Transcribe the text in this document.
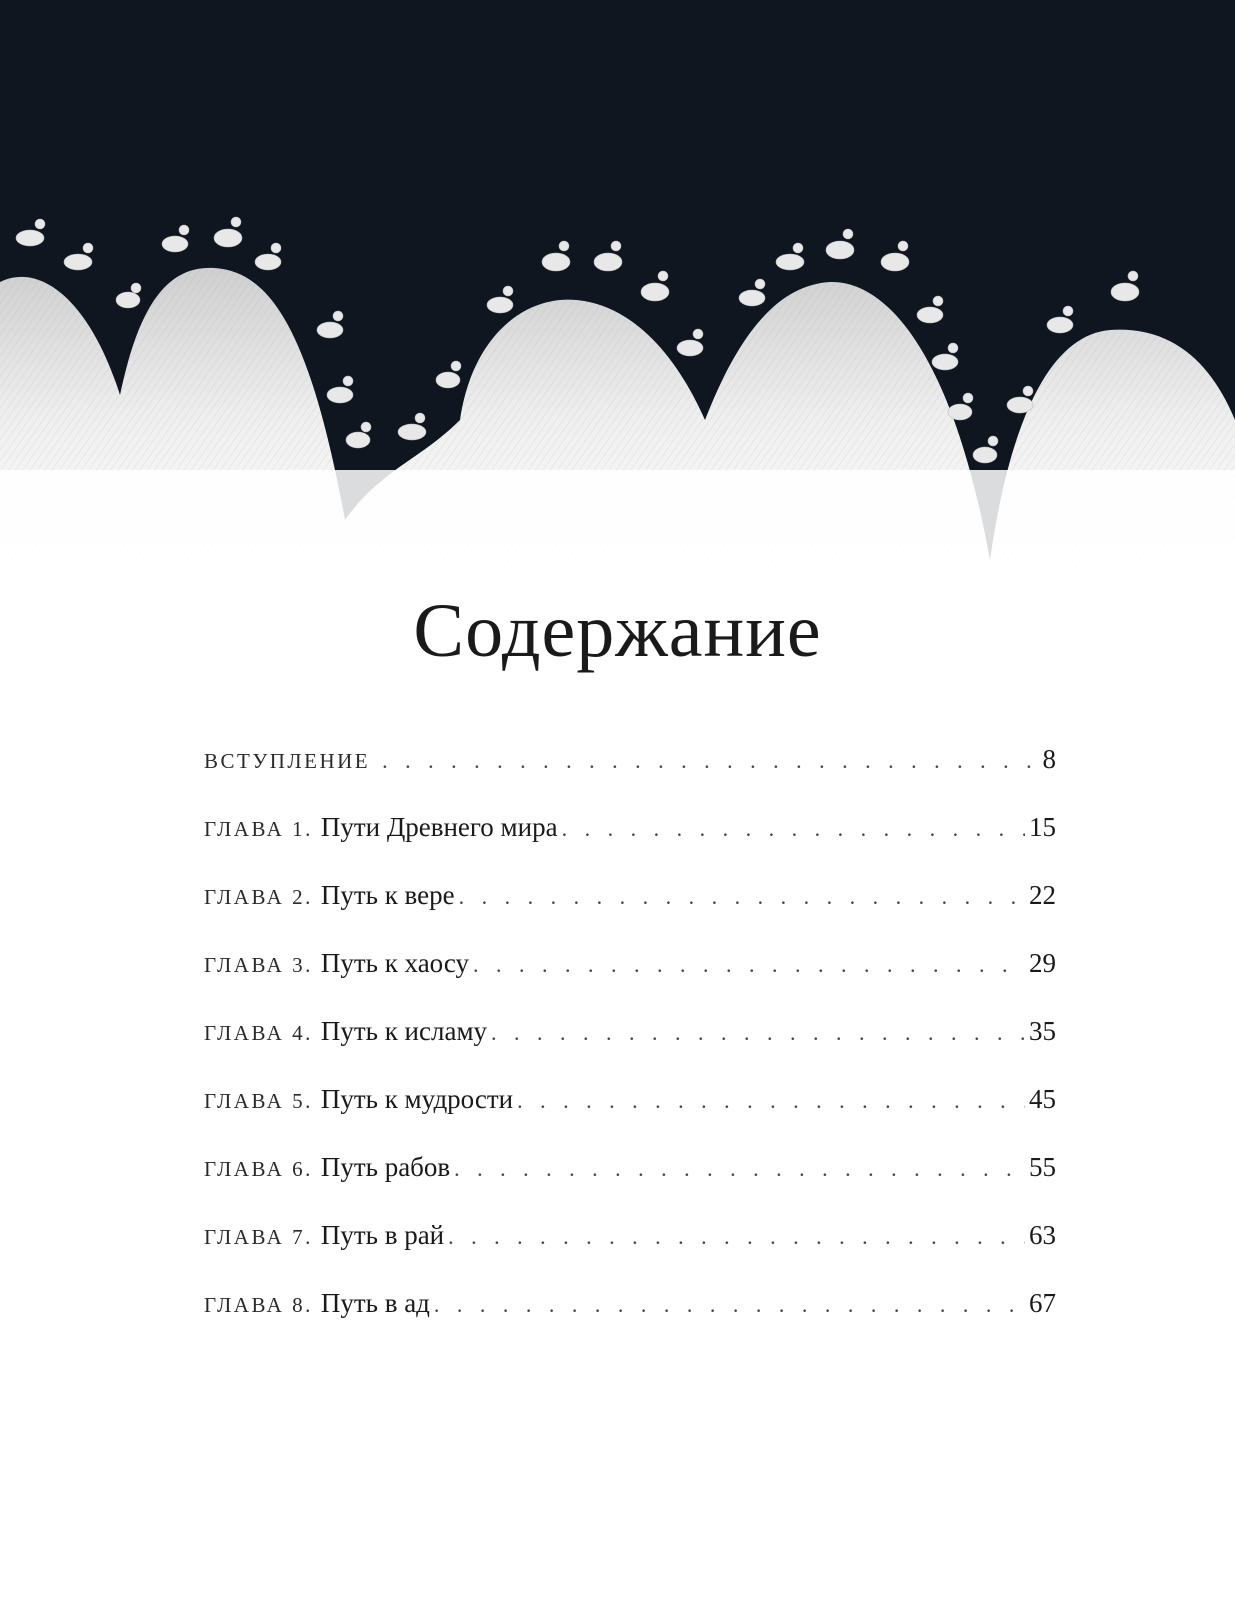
Содержание
ВСТУПЛЕНИЕ . . .	8
ГЛАВА 1. Пути Древнего мира . . .	15
ГЛАВА 2. Путь к вере . . .	22
ГЛАВА 3. Путь к хаосу . . .	29
ГЛАВА 4. Путь к исламу . . .	35
ГЛАВА 5. Путь к мудрости . . .	45
ГЛАВА 6. Путь рабов . . .	55
ГЛАВА 7. Путь в рай . . .	63
ГЛАВА 8. Путь в ад . . .	67
